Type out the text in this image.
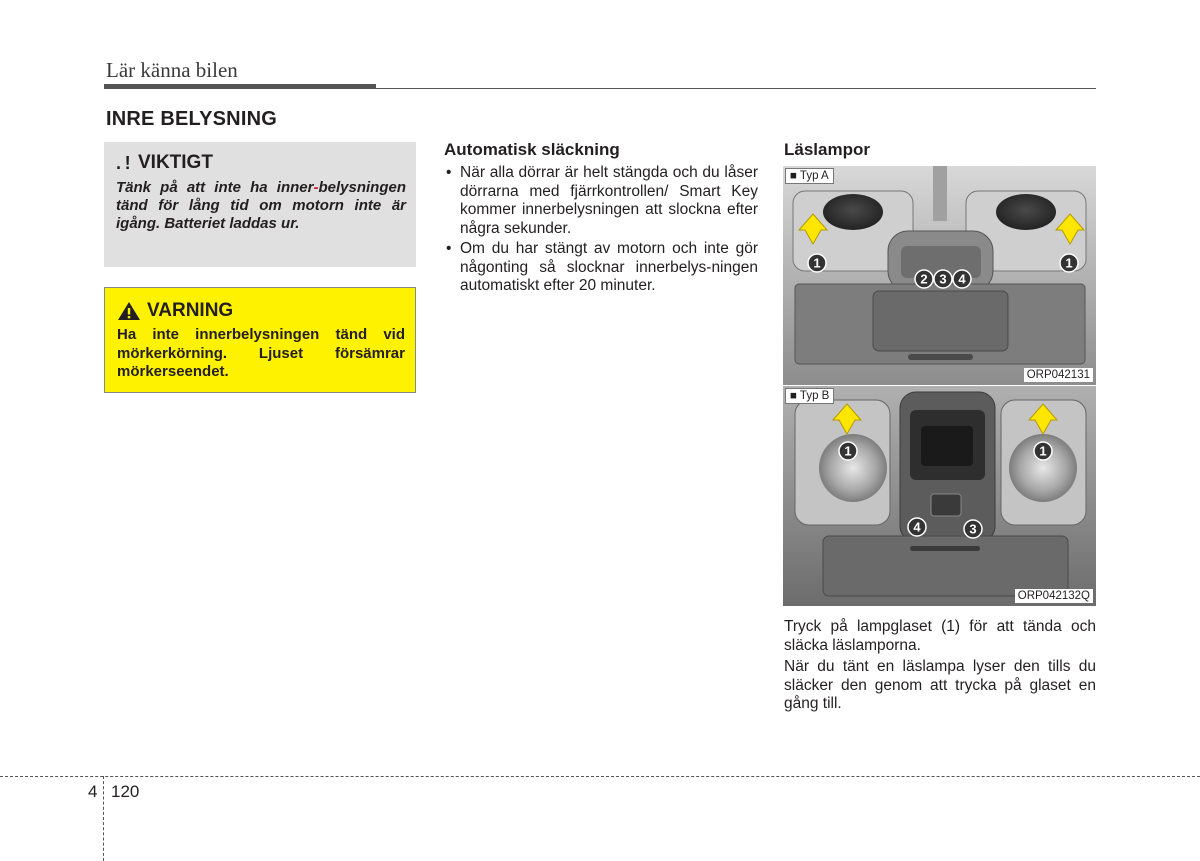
Lär känna bilen
INRE BELYSNING
. ! VIKTIGT
Tänk på att inte ha inner-belysningen tänd för lång tid om motorn inte är igång. Batteriet laddas ur.
VARNING
Ha inte innerbelysningen tänd vid mörkerkörning. Ljuset försämrar mörkerseendet.
Automatisk släckning
• När alla dörrar är helt stängda och du låser dörrarna med fjärrkontrollen/ Smart Key kommer innerbelysningen att slockna efter några sekunder.
• Om du har stängt av motorn och inte gör någonting så slocknar innerbelys-ningen automatiskt efter 20 minuter.
Läslampor
■ Typ A
1	1
2 3 4
ORP042131
■ Typ B
1	1
4	3
ORP042132Q

Tryck på lampglaset (1) för att tända och släcka läslamporna.

När du tänt en läslampa lyser den tills du släcker den genom att trycka på glaset en gång till.

4 120
